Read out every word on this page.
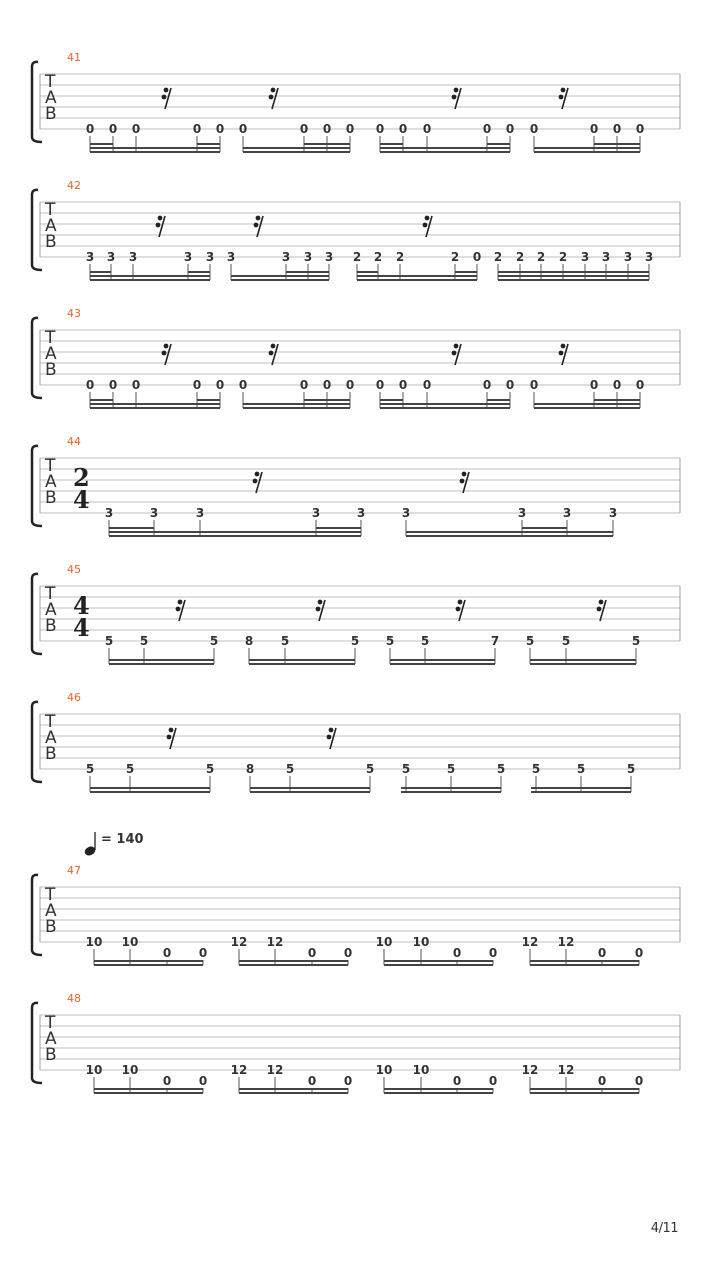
= 140
41
T
A
B
0 0 0	0 0 0	0 0 0 0 0 0	0 0 0	0 0 0
42
T
A
B
3 3 3	3 3 3	3 3 3 2 2 2	2 0 2 2 2 2 3 3 3 3
43
T
A
B
0 0 0	0 0 0	0 0 0 0 0 0	0 0 0	0 0 0
44
T
A
B
2
4 3	3	3	3	3	3	3	3	3
45
T
A
B
4
4 5 5	5 8 5	5 5 5	7 5 5	5
46
T
A
B
5	5	5	8	5	5 5	5	5 5	5	5
47
T
A
B
10 10
0 0
12 12
0 0
10 10
0 0
12 12
0 0
48
T
A
B
10 10
0 0
12 12
0 0
10 10
0 0
12 12
0 0
4/11
